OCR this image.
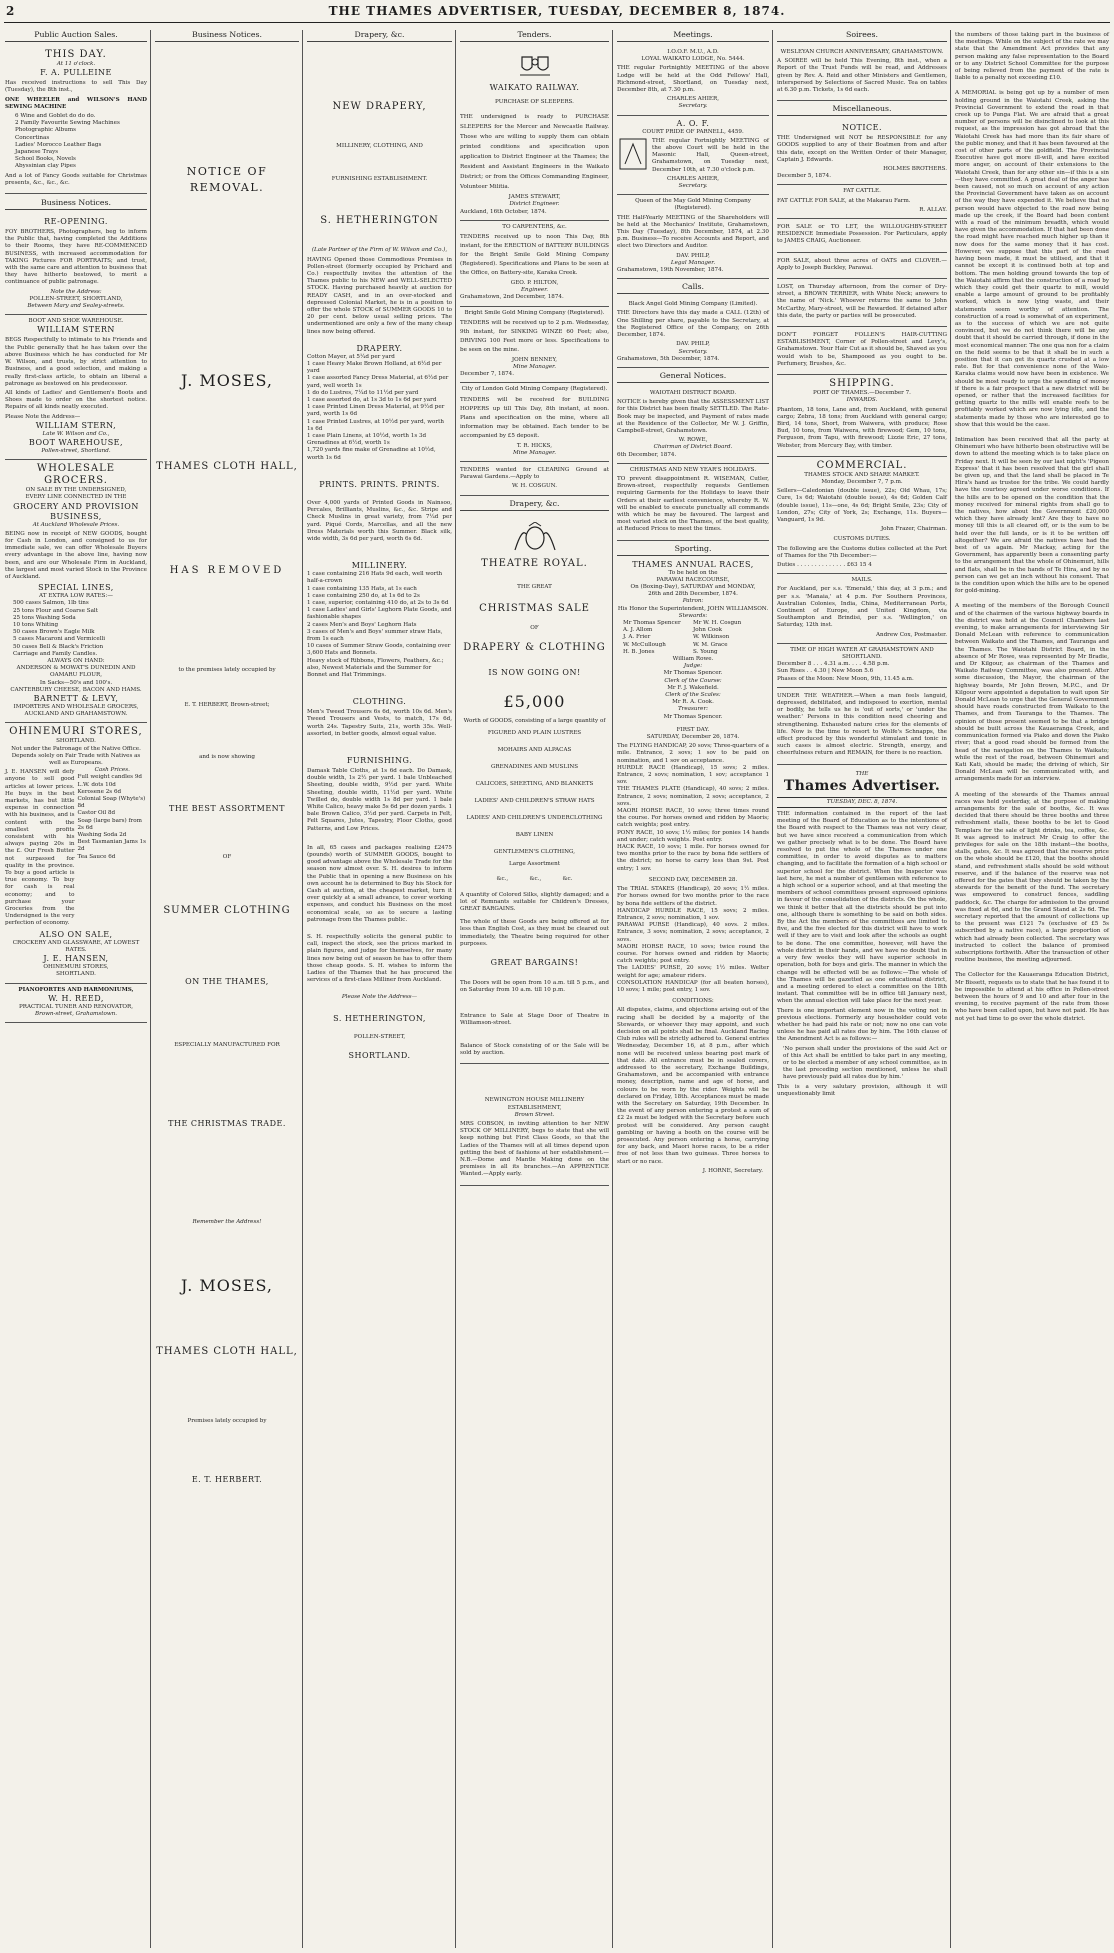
2	THE THAMES ADVERTISER, TUESDAY, DECEMBER 8, 1874.
Public Auction Sales.
THIS DAY.
At 11 o'clock.
F. A. PULLEINE
Has received instructions to sell This Day (Tuesday), the 8th inst.,
ONE WHEELER and WILSON'S HAND SEWING MACHINE
6 Wine and Goblet do do do.
2 Family Favourite Sewing Machines
Photographic Albums
Concertinas
Ladies' Morocco Leather Bags
Japanese Trays
School Books, Novels
Abyssinian clay Pipes
And a lot of Fancy Goods suitable for Christmas presents, &c., &c., &c.
Business Notices.
RE-OPENING.
FOY BROTHERS, Photographers, beg to inform the Public that, having completed the Additions to their Rooms, they have RE-COMMENCED BUSINESS, with increased accommodation for TAKING Pictures FOR PORTRAITS; and trust, with the same care and attention to business that they have hitherto bestowed, to merit a continuance of public patronage.
Note the Address:
POLLEN-STREET, SHORTLAND,
Between Mary and Sealey-streets.
BOOT AND SHOE WAREHOUSE.
WILLIAM STERN
BEGS Respectfully to intimate to his Friends and the Public generally that he has taken over the above Business which he has conducted for Mr W. Wilson, and trusts, by strict attention to Business, and a good selection, and making a really first-class article, to obtain an liberal a patronage as bestowed on his predecessor.
All kinds of Ladies' and Gentlemen's Boots and Shoes made to order on the shortest notice. Repairs of all kinds neatly executed.
Please Note the Address—
WILLIAM STERN,
Late W. Wilson and Co.,
BOOT WAREHOUSE,
Pollen-street, Shortland.
WHOLESALE GROCERS.
ON SALE BY THE UNDERSIGNED,
EVERY LINE CONNECTED IN THE
GROCERY AND PROVISION BUSINESS,
At Auckland Wholesale Prices.
BEING now in receipt of NEW GOODS, bought for Cash in London, and consigned to us for immediate sale, we can offer Wholesale Buyers every advantage in the above line, having now been, and are our Wholesale Firm in Auckland, the largest and most varied Stock in the Province of Auckland.
SPECIAL LINES,
AT EXTRA LOW RATES:—
500 cases Salmon, 1lb tins
25 tons Flour and Coarse Salt
25 tons Washing Soda
10 tons Whiting
50 cases Brown's Eagle Milk
5 cases Macaroni and Vermicelli
50 cases Bell & Black's Friction
Carriage and Family Candles.
ALWAYS ON HAND:
ANDERSON & MOWAT'S DUNEDIN AND OAMARU FLOUR,
In Sacks—50's and 100's.
CANTERBURY CHEESE, BACON AND HAMS.
BARNETT & LEVY,
IMPORTERS AND WHOLESALE GROCERS,
AUCKLAND AND GRAHAMSTOWN.
OHINEMURI STORES,
SHORTLAND.
Not under the Patronage of the Native Office.
Depends solely on Fair Trade with Natives as well as Europeans.
J. E. HANSEN will defy anyone to sell good articles at lower prices. He buys in the best markets, has but little expense in connection with his business, and is content with the smallest profits consistent with his always paying 20s in the £. Our Fresh Butter not surpassed for quality in the province. To buy a good article is true economy. To buy for cash is real economy; and to purchase your Groceries from the Undersigned is the very perfection of economy.
Cash Prices.
Full weight candles 9d
L.W. dots 10d
Kerosene 2s 6d
Colonial Soap (Whyte's) 8d
Castor Oil 8d
Soap (large bars) from 2s 6d
Washing Soda 2d
Best Tasmanian Jams 1s 2d
Tea Sauce 6d
ALSO ON SALE,
CROCKERY AND GLASSWARE, AT LOWEST RATES.
J. E. HANSEN,
OHINEMURI STORES,
SHORTLAND.
PIANOFORTES AND HARMONIUMS,
W. H. REED,
PRACTICAL TUNER AND RENOVATOR,
Brown-street, Grahamstown.
Business Notices.
NOTICE OF REMOVAL.
J. MOSES,
THAMES CLOTH HALL,
HAS REMOVED
to the premises lately occupied by
E. T. HERBERT, Brown-street;
and is now showing
THE BEST ASSORTMENT
OF
SUMMER CLOTHING
ON THE THAMES,
ESPECIALLY MANUFACTURED FOR
THE CHRISTMAS TRADE.
Remember the Address!
J. MOSES,
THAMES CLOTH HALL,
Premises lately occupied by
E. T. HERBERT.
Drapery, &c.
NEW DRAPERY,
MILLINERY, CLOTHING, AND
FURNISHING ESTABLISHMENT.
S. HETHERINGTON
(Late Partner of the Firm of W. Wilson and Co.),
HAVING Opened those Commodious Premises in Pollen-street (formerly occupied by Prichard and Co.) respectfully invites the attention of the Thames public to his NEW and WELL-SELECTED STOCK. Having purchased heavily at auction for READY CASH, and in an over-stocked and depressed Colonial Market, he is in a position to offer the whole STOCK of SUMMER GOODS 10 to 20 per cent. below usual selling prices. The undermentioned are only a few of the many cheap lines now being offered.
DRAPERY.
Cotton Mayer, at 5¼d per yard
1 case Heavy Make Brown Holland, at 6½d per yard
1 case assorted Fancy Dress Material, at 6½d per yard, well worth 1s
1 do do Lustres, 7¼d to 11½d per yard
1 case assorted do, at 1s 3d to 1s 6d per yard
1 case Printed Linen Dress Material, at 9½d per yard, worth 1s 6d
1 case Printed Lustres, at 10½d per yard, worth 1s 6d
1 case Plain Linens, at 10½d, worth 1s 3d
Grenadines at 6½d, worth 1s
1,720 yards fine make of Grenadine at 10½d, worth 1s 6d
PRINTS. PRINTS. PRINTS.
Over 4,000 yards of Printed Goods in Nainsoo, Percales, Brilliants, Muslins, &c., &c. Stripe and Check Muslins in great variety, from 7¼d per yard. Piqué Cords, Marcellas, and all the new Dress Materials worth this Summer. Black silk, wide width, 3s 6d per yard, worth 6s 6d.
MILLINERY.
1 case containing 216 Hats 9d each, well worth half-a-crown
1 case containing 135 Hats, at 1s each
1 case containing 250 do, at 1s 6d to 2s
1 case, superior, containing 410 do, at 2s to 3s 6d
1 case Ladies' and Girls' Leghorn Plate Goods, and fashionable shapes
2 cases Men's and Boys' Leghorn Hats
3 cases of Men's and Boys' summer straw Hats, from 1s each
10 cases of Summer Straw Goods, containing over 3,600 Hats and Bonnets.
Heavy stock of Ribbons, Flowers, Feathers, &c.; also, Newest Materials and the Summer for Bonnet and Hat Trimmings.
CLOTHING.
Men's Tweed Trousers 6s 6d, worth 10s 6d. Men's Tweed Trousers and Vests, to match, 17s 6d, worth 24s. Tapestry Suits, 21s, worth 35s. Well-assorted, in better goods, almost equal value.
FURNISHING.
Damask Table Cloths, at 1s 6d each. Do Damask, double width, 1s 2½ per yard. 1 bale Unbleached Sheeting, double width, 9½d per yard. White Sheeting, double width, 11½d per yard. White Twilled do, double width 1s 8d per yard. 1 bale White Calico, heavy make 5s 6d per dozen yards. 1 bale Brown Calico, 3½d per yard. Carpets in Felt, Felt Squares, Jutes, Tapestry, Floor Cloths, good Patterns, and Low Prices.
In all, 65 cases and packages realising £2475 (pounds) worth of SUMMER GOODS, bought to good advantage above the Wholesale Trade for the season now almost over. S. H. desires to inform the Public that in opening a new Business on his own account he is determined to Buy his Stock for Cash at auction, at the cheapest market, turn it over quickly at a small advance, to cover working expenses, and conduct his Business on the most economical scale, so as to secure a lasting patronage from the Thames public.
S. H. respectfully solicits the general public to call, inspect the stock, see the prices marked in plain figures, and judge for themselves, for many lines now being out of season he has to offer them those cheap goods. S. H. wishes to inform the Ladies of the Thames that he has procured the services of a first-class Milliner from Auckland.
Please Note the Address—
S. HETHERINGTON,
POLLEN-STREET,
SHORTLAND.
Tenders.
WAIKATO RAILWAY.
PURCHASE OF SLEEPERS.
THE undersigned is ready to PURCHASE SLEEPERS for the Mercer and Newcastle Railway. Those who are willing to supply them can obtain printed conditions and specification upon application to District Engineer at the Thames; the Resident and Assistant Engineers in the Waikato District; or from the Offices Commanding Engineer, Volunteer Militia.
JAMES STEWART,
District Engineer.
Auckland, 16th October, 1874.
TO CARPENTERS, &c.
TENDERS received up to noon This Day, 8th instant, for the ERECTION of BATTERY BUILDINGS for the Bright Smile Gold Mining Company (Registered). Specifications and Plans to be seen at the Office, on Battery-site, Karaka Creek.
GEO. P. HILTON,
Engineer.
Grahamstown, 2nd December, 1874.
Bright Smile Gold Mining Company (Registered).
TENDERS will be received up to 2 p.m. Wednesday, 9th instant, for SINKING WINZE 60 Feet; also, DRIVING 100 Feet more or less. Specifications to be seen on the mine.
JOHN BENNEY,
Mine Manager.
December 7, 1874.
City of London Gold Mining Company (Registered).
TENDERS will be received for BUILDING HOPPERS up till This Day, 8th instant, at noon. Plans and specification on the mine, where all information may be obtained. Each tender to be accompanied by £5 deposit.
T. R. HICKS,
Mine Manager.
TENDERS wanted for CLEARING Ground at Parawai Gardens.—Apply to
W. H. COSGUN.
Drapery, &c.
THEATRE ROYAL.
THE GREAT
CHRISTMAS SALE
OF
DRAPERY & CLOTHING
IS NOW GOING ON!
£5,000
Worth of GOODS, consisting of a large quantity of
FIGURED AND PLAIN LUSTRES
MOHAIRS AND ALPACAS
GRENADINES AND MUSLINS
CALICOES, SHEETING, AND BLANKETS
LADIES' AND CHILDREN'S STRAW HATS
LADIES' AND CHILDREN'S UNDERCLOTHING
BABY LINEN
GENTLEMEN'S CLOTHING,
Large Assortment
&c.,            &c.,            &c.
A quantity of Colored Silks, slightly damaged; and a lot of Remnants suitable for Children's Dresses, GREAT BARGAINS.
The whole of these Goods are being offered at for less than English Cost, as they must be cleared out immediately, the Theatre being required for other purposes.
GREAT BARGAINS!
The Doors will be open from 10 a.m. till 5 p.m., and on Saturday from 10 a.m. till 10 p.m.
Entrance to Sale at Stage Door of Theatre in Williamson-street.
Balance of Stock consisting of or the Sale will be sold by auction.
NEWINGTON HOUSE MILLINERY ESTABLISHMENT,
Brown Street.
MRS COBSON, in inviting attention to her NEW STOCK OF MILLINERY, begs to state that she will keep nothing but First Class Goods, so that the Ladies of the Thames will at all times depend upon getting the best of fashions at her establishment.—N.B.—Dome and Mantle Making done on the premises in all its branches.—An APPRENTICE Wanted.—Apply early.
Meetings.
I.O.O.F. M.U., A.D.
LOYAL WAIKATO LODGE, No. 5444.
THE regular Fortnightly MEETING of the above Lodge will be held at the Odd Fellows' Hall, Richmond-street, Shortland, on Tuesday next, December 8th, at 7.30 p.m.
CHARLES AHIER,
Secretary.
A. O. F.
COURT PRIDE OF PARNELL, 4459.
THE regular Fortnightly MEETING of the above Court will be held in the Masonic Hall, Queen-street, Grahamstown, on Tuesday next, December 10th, at 7.30 o'clock p.m.
CHARLES AHIER,
Secretary.
Queen of the May Gold Mining Company (Registered).
THE Half-Yearly MEETING of the Shareholders will be held at the Mechanics' Institute, Grahamstown, This Day (Tuesday), 8th December, 1874, at 2.30 p.m. Business—To receive Accounts and Report, and elect two Directors and Auditor.
DAV. PHILP,
Legal Manager.
Grahamstown, 19th November, 1874.
Calls.
Black Angel Gold Mining Company (Limited).
THE Directors have this day made a CALL (12th) of One Shilling per share, payable to the Secretary, at the Registered Office of the Company, on 26th December, 1874.
DAV. PHILP,
Secretary.
Grahamstown, 5th December, 1874.
General Notices.
WAIOTAHI DISTRICT BOARD.
NOTICE is hereby given that the ASSESSMENT LIST for this District has been finally SETTLED. The Rate-Book may be inspected, and Payment of rates made at the Residence of the Collector, Mr W. J. Griffin, Campbell-street, Grahamstown.
W. ROWE,
Chairman of District Board.
6th December, 1874.
CHRISTMAS AND NEW YEAR'S HOLIDAYS.
TO prevent disappointment R. WISEMAN, Cutler, Brown-street, respectfully requests Gentlemen requiring Garments for the Holidays to leave their Orders at their earliest convenience, whereby R. W. will be enabled to execute punctually all commands with which he may be favoured. The largest and most varied stock on the Thames, of the best quality, at Reduced Prices to meet the times.
Sporting.
THAMES ANNUAL RACES,
To be held on the
PARAWAI RACECOURSE,
On (Boxing-Day), SATURDAY and MONDAY,
26th and 28th December, 1874.
Patron:
His Honor the Superintendent, JOHN WILLIAMSON.
Stewards:
Mr Thomas Spencer	Mr W. H. Cosgun
A. J. Allom	John Cook
J. A. Frier	W. Wilkinson
W. McCullough	W. M. Grace
H. B. Jones	S. Young
William Rowe.
Judge:
Mr Thomas Spencer.
Clerk of the Course:
Mr F. J. Wakefield.
Clerk of the Scales:
Mr R. A. Cook.
Treasurer:
Mr Thomas Spencer.
FIRST DAY.
SATURDAY, December 26, 1874.
The FLYING HANDICAP, 20 sovs; Three-quarters of a mile. Entrance, 2 sovs; 1 sov to be paid on nomination, and 1 sov on acceptance.
HURDLE RACE (Handicap), 15 sovs; 2 miles. Entrance, 2 sovs; nomination, 1 sov; acceptance 1 sov.
THE THAMES PLATE (Handicap), 40 sovs; 2 miles. Entrance, 2 sovs; nomination, 2 sovs; acceptance, 2 sovs.
MAORI HORSE RACE, 10 sovs; three times round the course. For horses owned and ridden by Maoris; catch weights; post entry.
PONY RACE, 10 sovs; 1½ miles; for ponies 14 hands and under; catch weights. Post entry.
HACK RACE, 10 sovs; 1 mile. For horses owned for two months prior to the race by bona fide settlers of the district; no horse to carry less than 9st. Post entry; 1 sov.
SECOND DAY, DECEMBER 28.
The TRIAL STAKES (Handicap), 20 sovs; 1½ miles. For horses owned for two months prior to the race by bona fide settlers of the district.
HANDICAP HURDLE RACE, 15 sovs; 2 miles. Entrance, 2 sovs; nomination, 1 sov.
PARAWAI PURSE (Handicap), 40 sovs. 2 miles. Entrance, 3 sovs; nomination, 2 sovs; acceptance, 2 sovs.
MAORI HORSE RACE, 10 sovs; twice round the course. For horses owned and ridden by Maoris; catch weights; post entry.
The LADIES' PURSE, 20 sovs; 1½ miles. Welter weight for age; amateur riders.
CONSOLATION HANDICAP (for all beaten horses), 10 sovs; 1 mile; post entry, 1 sov.
CONDITIONS:
All disputes, claims, and objections arising out of the racing shall be decided by a majority of the Stewards, or whoever they may appoint, and such decision on all points shall be final. Auckland Racing Club rules will be strictly adhered to. General entries Wednesday, December 16, at 8 p.m., after which none will be received unless bearing post mark of that date. All entrance must be in sealed covers, addressed to the secretary, Exchange Buildings, Grahamstown, and be accompanied with entrance money, description, name and age of horse, and colours to be worn by the rider. Weights will be declared on Friday, 18th. Acceptances must be made with the Secretary on Saturday, 19th December. In the event of any person entering a protest a sum of £2 2s must be lodged with the Secretary before such protest will be considered. Any person caught gambling or having a booth on the course will be prosecuted. Any person entering a horse, carrying for any back, and Maori horse races, to be a rider free of not less than two guineas. Three horses to start or no race.
J. HORNE, Secretary.
Soirees.
WESLEYAN CHURCH ANNIVERSARY, GRAHAMSTOWN.
A SOIREE will be held This Evening, 8th inst., when a Report of the Trust Funds will be read, and Addresses given by Rev. A. Reid and other Ministers and Gentlemen, interspersed by Selections of Sacred Music. Tea on tables at 6.30 p.m. Tickets, 1s 6d each.
Miscellaneous.
NOTICE.
THE Undersigned will NOT be RESPONSIBLE for any GOODS supplied to any of their Boatmen from and after this date, except on the Written Order of their Manager, Captain J. Edwards.
HOLMES BROTHERS.
December 5, 1874.
FAT CATTLE.
FAT CATTLE FOR SALE, at the Makarau Farm.
R. ALLAY.
FOR SALE or TO LET, the WILLOUGHBY-STREET RESIDENCE Immediate Possession. For Particulars, apply to JAMES CRAIG, Auctioneer.
FOR SALE, about three acres of OATS and CLOVER.—Apply to Joseph Buckley, Parawai.
LOST, on Thursday afternoon, from the corner of Dry-street, a BROWN TERRIER, with White Neck; answers to the name of 'Nick.' Whoever returns the same to John McCarthy, Mary-street, will be Rewarded. If detained after this date, the party or parties will be prosecuted.
DON'T FORGET FOLLEN'S HAIR-CUTTING ESTABLISHMENT, Corner of Pollen-street and Levy's, Grahamstown. Your Hair Cut as it should be, Shaved as you would wish to be, Shampooed as you ought to be. Perfumery, Brushes, &c.
SHIPPING.
PORT OF THAMES.—December 7.
INWARDS.
Phantom, 18 tons, Lane and, from Auckland, with general cargo; Zebra, 18 tons; from Auckland with general cargo; Bird, 14 tons, Short, from Waiwera, with produce; Rose Bud, 10 tons, from Waiwera, with firewood; Gem, 10 tons, Ferguson, from Tapu, with firewood; Lizzie Eric, 27 tons, Webster, from Mercury Bay, with timber.
COMMERCIAL.
THAMES STOCK AND SHARE MARKET.
Monday, December 7, 7 p.m.
Sellers—Caledonian (double issue), 22s; Old Whau, 17s; Cure, 1s 6d; Waiotahi (double issue), 4s 6d; Golden Calf (double issue), 11s—one, 4s 6d; Bright Smile, 23s; City of London, 27s; City of York, 2s; Exchange, 11s. Buyers—Vanguard, 1s 9d.
John Frazer, Chairman.
CUSTOMS DUTIES.
The following are the Customs duties collected at the Port of Thames for the 7th December:—
Duties . . . . . . . . . . . . . . £63 15 4
MAILS.
For Auckland, per s.s. 'Emerald,' this day, at 3 p.m.; and per s.s. 'Manaia,' at 4 p.m. For Southern Provinces, Australian Colonies, India, China, Mediterranean Ports, Continent of Europe, and United Kingdom, via Southampton and Brindisi, per s.s. 'Wellington,' on Saturday, 12th inst.
Andrew Cox, Postmaster.
TIME OF HIGH WATER AT GRAHAMSTOWN AND SHORTLAND.
December 8 . . . 4.31 a.m. . . . 4.58 p.m.
Sun Rises . . 4.30 | New Moon 5.6
Phases of the Moon: New Moon, 9th, 11.45 a.m.
UNDER THE WEATHER.—When a man feels languid, depressed, debilitated, and indisposed to exertion, mental or bodily, he tells us he is 'out of sorts,' or 'under the weather.' Persons in this condition need cheering and strengthening. Exhausted nature cries for the elements of life. Now is the time to resort to Wolfe's Schnapps, the effect produced by this wonderful stimulant and tonic in such cases is almost electric. Strength, energy, and cheerfulness return and REMAIN, for there is no reaction.
THE
Thames Advertiser.
TUESDAY, DEC. 8, 1874.
THE information contained in the report of the last meeting of the Board of Education as to the intentions of the Board with respect to the Thames was not very clear, but we have since received a communication from which we gather precisely what is to be done. The Board have resolved to put the whole of the Thames under one committee, in order to avoid disputes as to matters changing, and to facilitate the formation of a high school or superior school for the district. When the Inspector was last here, he met a number of gentlemen with reference to a high school or a superior school, and at that meeting the members of school committees present expressed opinions in favour of the consolidation of the districts. On the whole, we think it better that all the districts should be put into one, although there is something to be said on both sides. By the Act the members of the committees are limited to five, and the five elected for this district will have to work well if they are to visit and look after the schools as ought to be done. The one committee, however, will have the whole district in their hands, and we have no doubt that in a very few weeks they will have superior schools in operation, both for boys and girls. The manner in which the change will be effected will be as follows:—The whole of the Thames will be gazetted as one educational district, and a meeting ordered to elect a committee on the 18th instant. That committee will be in office till January next, when the annual election will take place for the next year.
There is one important element now in the voting not in previous elections. Formerly any householder could vote whether he had paid his rate or not; now no one can vote unless he has paid all rates due by him. The 16th clause of the Amendment Act is as follows:—
'No person shall under the provisions of the said Act or of this Act shall be entitled to take part in any meeting, or to be elected a member of any school committee, as in the last preceding section mentioned, unless he shall have previously paid all rates due by him.'
This is a very salutary provision, although it will unquestionably limit
the numbers of those taking part in the business of the meetings. While on the subject of the rate we may state that the Amendment Act provides that any person making any false representation to the Board or to any District School Committee for the purpose of being relieved from the payment of the rate is liable to a penalty not exceeding £10.
A MEMORIAL is being got up by a number of men holding ground in the Waiotahi Creek, asking the Provincial Government to extend the road in that creek up to Punga Flat. We are afraid that a great number of persons will be disinclined to look at this request, as the impression has got abroad that the Waiotahi Creek has had more than its fair share of the public money, and that it has been favoured at the cost of other parts of the goldfield. The Provincial Executive have got more ill-will, and have excited more anger, on account of their extensions to the Waiotahi Creek, than for any other sin—if this is a sin—they have committed. A great deal of the anger has been caused, not so much on account of any action the Provincial Government have taken as on account of the way they have expended it. We believe that no person would have objected to the road now being made up the creek, if the Board had been content with a road of the minimum breadth, which would have given the accommodation. If that had been done the road might have reached much higher up than it now does for the same money that it has cost. However, we suppose that this part of the road having been made, it must be utilised, and that it cannot be except it is continued both at top and bottom. The men holding ground towards the top of the Waiotahi affirm that the construction of a road by which they could get their quartz to mill, would enable a large amount of ground to be profitably worked, which is now lying waste, and their statements seem worthy of attention. The construction of a road is somewhat of an experiment, as to the success of which we are not quite convinced, but we do not think there will be any doubt that it should be carried through, if done in the most economical manner. The one qua non for a claim on the field seems to be that it shall be in such a position that it can get its quartz crushed at a low rate. But for that convenience none of the Waio-Karaka claims would now have been in existence. We should be most ready to urge the spending of money if there is a fair prospect that a new district will be opened, or rather that the increased facilities for getting quartz to the mills will enable reefs to be profitably worked which are now lying idle, and the statements made by those who are interested go to show that this would be the case.
Intimation has been received that all the party at Ohinemuri who have hitherto been obstructive will be down to attend the meeting which is to take place on Friday next. It will be seen by our last night's 'Pigeon Express' that it has been resolved that the girl shall be given up, and that the land shall be placed in Te Hira's hand as trustee for the tribe. We could hardly have the courtesy agreed under worse conditions. If the hills are to be opened on the condition that the money received for mineral rights from shall go to the natives, how about the Government £20,000 which they have already lent? Are they to have no money till this is all cleared off, or is the sum to be held over the full lands, or is it to be written off altogether? We are afraid the natives have had the best of us again. Mr Mackay, acting for the Government, has apparently been a consenting party to the arrangement that the whole of Ohinemuri, hills and flats, shall be in the hands of Te Hira, and by no person can we get an inch without his consent. That is the condition upon which the hills are to be opened for gold-mining.
A meeting of the members of the Borough Council and of the chairmen of the various highway boards in the district was held at the Council Chambers last evening, to make arrangements for interviewing Sir Donald McLean with reference to communication between Waikato and the Thames, and Tauranga and the Thames. The Waiotahi District Board, in the absence of Mr Rowe, was represented by Mr Bradie, and Dr Kilgour, as chairman of the Thames and Waikato Railway Committee, was also present. After some discussion, the Mayor, the chairman of the highway boards, Mr John Brown, M.P.C., and Dr Kilgour were appointed a deputation to wait upon Sir Donald McLean to urge that the General Government should have roads constructed from Waikato to the Thames, and from Tauranga to the Thames. The opinion of those present seemed to be that a bridge should be built across the Kauaeranga Creek, and communication formed via Piako and down the Piako river; that a good road should be formed from the head of the navigation on the Thames to Waikato; while the rest of the road, between Ohinemuri and Kati Kati, should be made; the driving of which, Sir Donald McLean will be communicated with, and arrangements made for an interview.
A meeting of the stewards of the Thames annual races was held yesterday, at the purpose of making arrangements for the sale of booths, &c. It was decided that there should be three booths and three refreshment stalls, these booths to be let to Good Templars for the sale of light drinks, tea, coffee, &c. It was agreed to instruct Mr Craig to offer the privileges for sale on the 18th instant—the booths, stalls, gates, &c. It was agreed that the reserve price on the whole should be £120, that the booths should stand, and refreshment stalls should be sold without reserve, and if the balance of the reserve was not offered for the gates that they should be taken by the stewards for the benefit of the fund. The secretary was empowered to construct fences, saddling paddock, &c. The charge for admission to the ground was fixed at 6d, and to the Grand Stand at 2s 6d. The secretary reported that the amount of collections up to the present was £121 7s (exclusive of £5 5s subscribed by a native race), a large proportion of which had already been collected. The secretary was instructed to collect the balance of promised subscriptions forthwith. After the transaction of other routine business, the meeting adjourned.
The Collector for the Kauaeranga Education District, Mr Bissett, requests us to state that he has found it to be impossible to attend at his office in Pollen-street between the hours of 9 and 10 and after four in the evening, to receive payment of the rate from those who have been called upon, but have not paid. He has not yet had time to go over the whole district.
